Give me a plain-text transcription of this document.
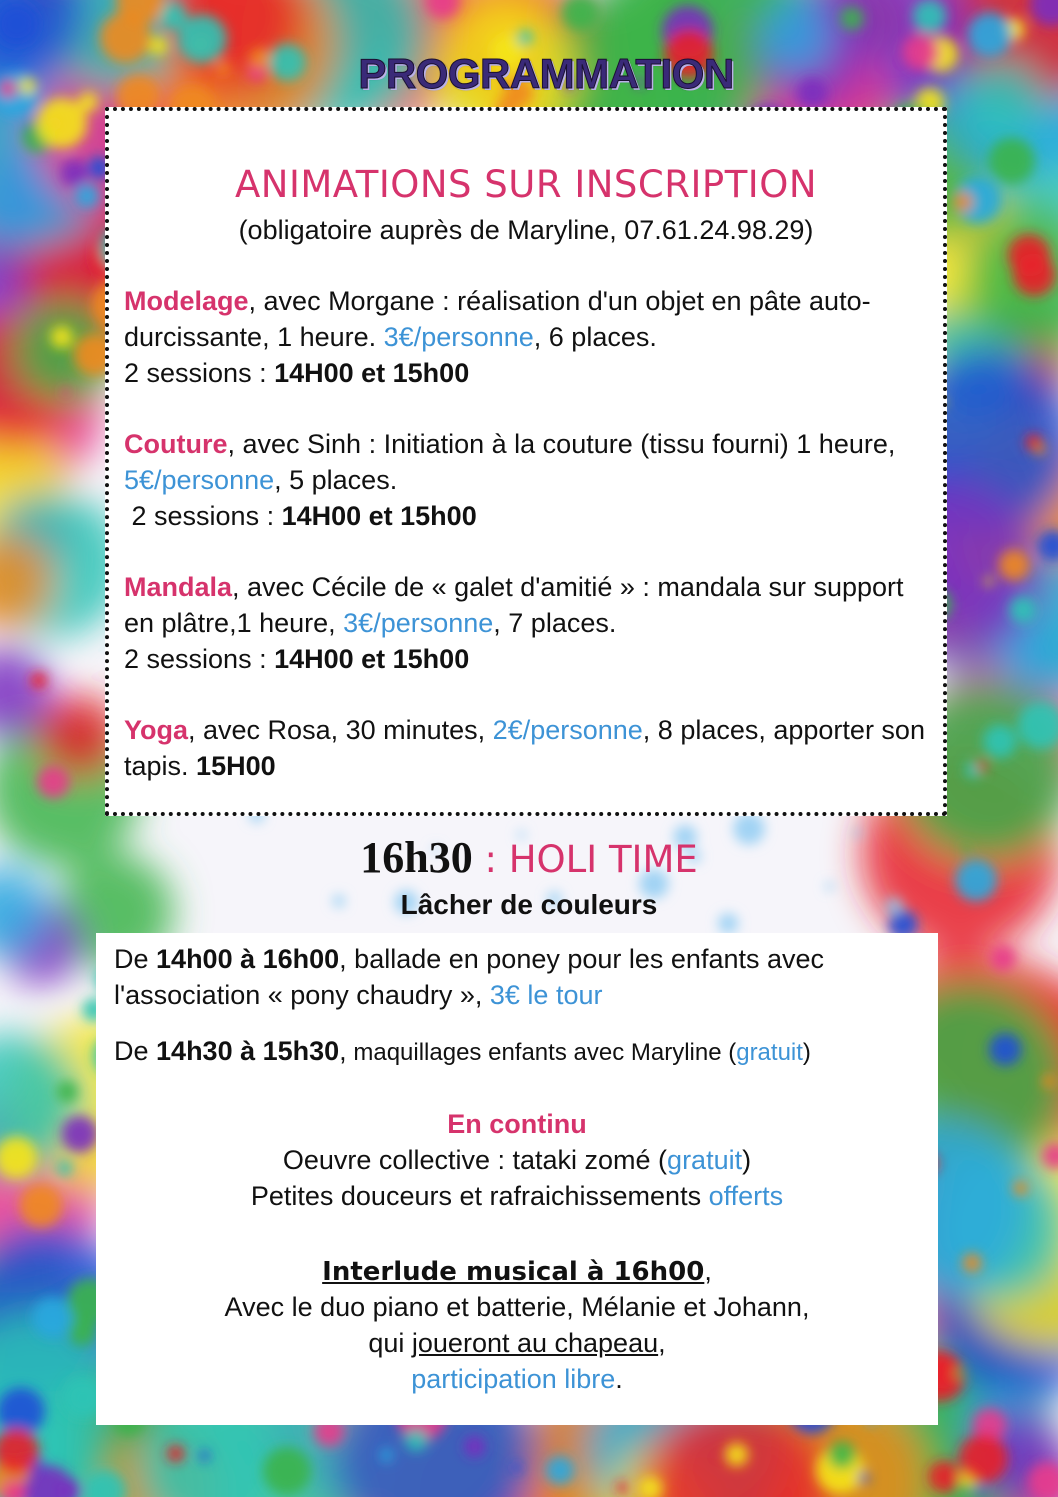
PROGRAMMATION
ANIMATIONS SUR INSCRIPTION
(obligatoire auprès de Maryline, 07.61.24.98.29)
Modelage, avec Morgane : réalisation d'un objet en pâte auto-durcissante, 1 heure. 3€/personne, 6 places.
2 sessions : 14H00 et 15h00
Couture, avec Sinh : Initiation à la couture (tissu fourni) 1 heure, 5€/personne, 5 places.
2 sessions : 14H00 et 15h00
Mandala, avec Cécile de « galet d'amitié » : mandala sur support en plâtre,1 heure, 3€/personne, 7 places.
2 sessions : 14H00 et 15h00
Yoga, avec Rosa, 30 minutes, 2€/personne, 8 places, apporter son tapis. 15H00
16h30 : HOLI TIME
Lâcher de couleurs
De 14h00 à 16h00, ballade en poney pour les enfants avec l'association « pony chaudry », 3€ le tour
De 14h30 à 15h30, maquillages enfants avec Maryline (gratuit)
En continu
Oeuvre collective : tataki zomé (gratuit)
Petites douceurs et rafraichissements offerts
Interlude musical à 16h00,
Avec le duo piano et batterie, Mélanie et Johann,
qui joueront au chapeau,
participation libre.
